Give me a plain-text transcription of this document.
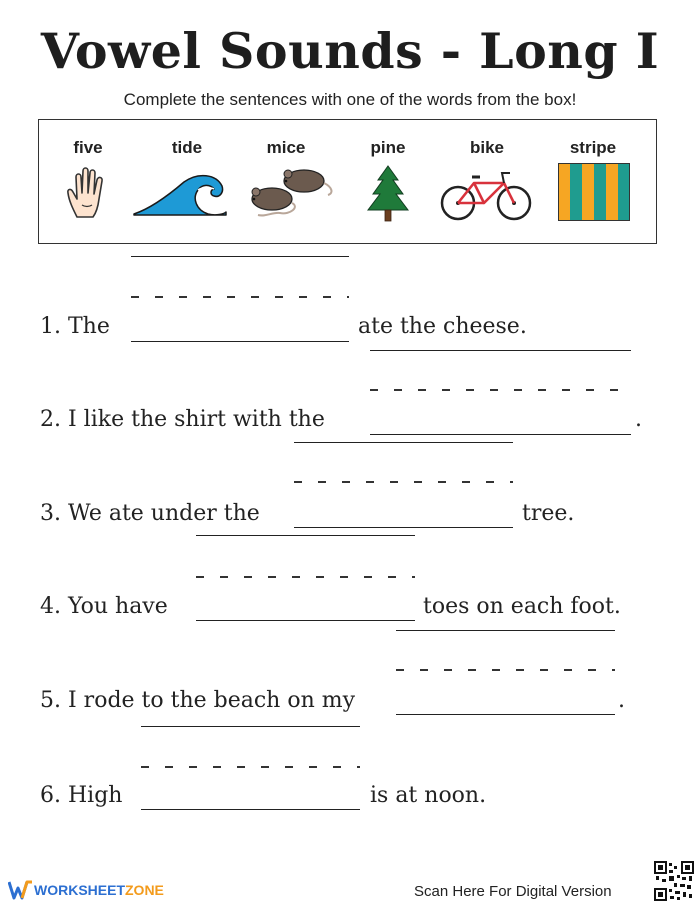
Vowel Sounds - Long I
Complete the sentences with one of the words from the box!
five	tide	mice	pine	bike	stripe
1. The	ate the cheese.
2. I like the shirt with the	.
3. We ate under the	tree.
4. You have	toes on each foot.
5. I rode to the beach on my	.
6. High	is at noon.
WORKSHEET ZONE	Scan Here For Digital Version
